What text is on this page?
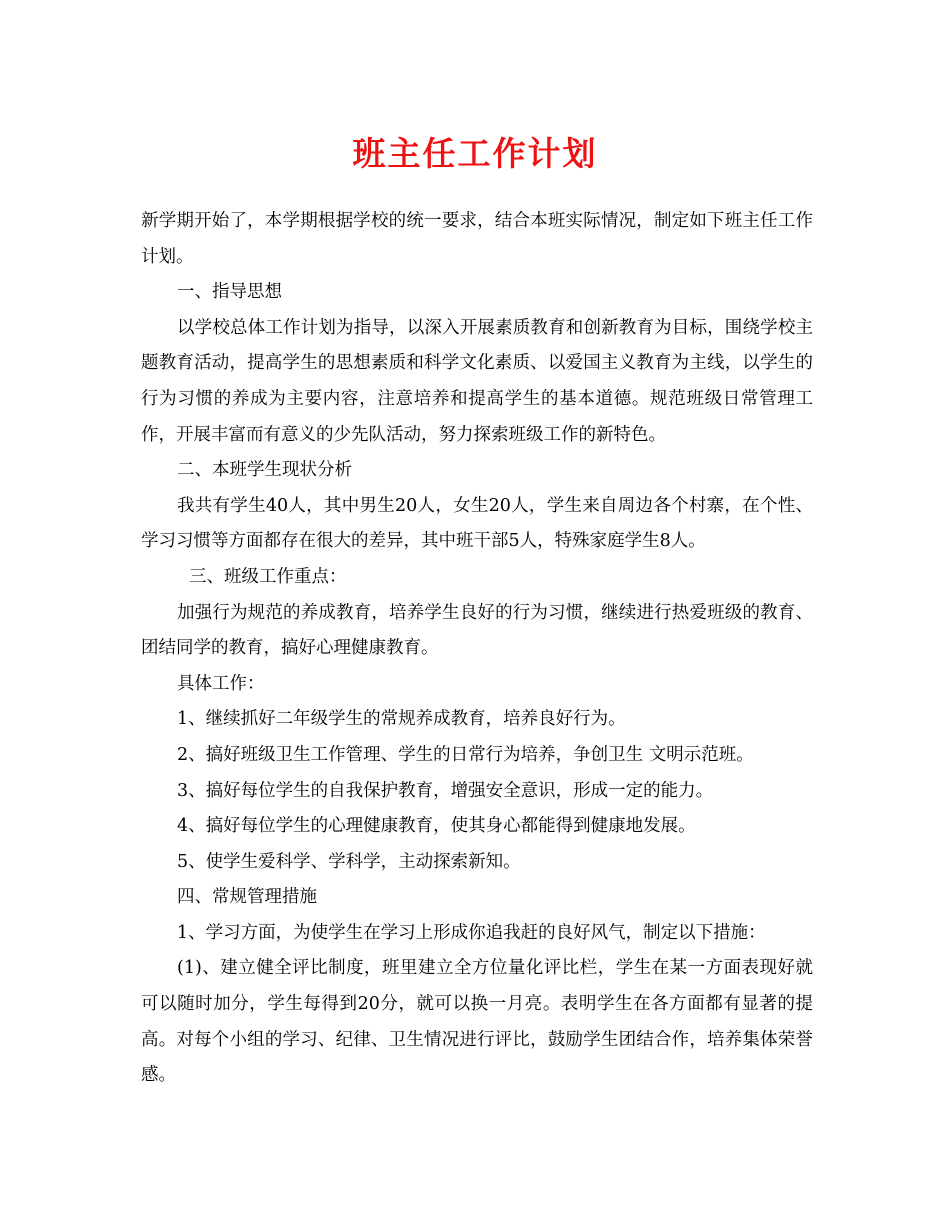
班主任工作计划

新学期开始了，本学期根据学校的统一要求，结合本班实际情况，制定如下班主任工作计划。

一、指导思想

以学校总体工作计划为指导，以深入开展素质教育和创新教育为目标，围绕学校主题教育活动，提高学生的思想素质和科学文化素质、以爱国主义教育为主线，以学生的行为习惯的养成为主要内容，注意培养和提高学生的基本道德。规范班级日常管理工作，开展丰富而有意义的少先队活动，努力探索班级工作的新特色。

二、本班学生现状分析

我共有学生40人，其中男生20人，女生20人，学生来自周边各个村寨，在个性、学习习惯等方面都存在很大的差异，其中班干部5人，特殊家庭学生8人。

三、班级工作重点：

加强行为规范的养成教育，培养学生良好的行为习惯，继续进行热爱班级的教育、团结同学的教育，搞好心理健康教育。

具体工作：

1、继续抓好二年级学生的常规养成教育，培养良好行为。

2、搞好班级卫生工作管理、学生的日常行为培养，争创卫生 文明示范班。

3、搞好每位学生的自我保护教育，增强安全意识，形成一定的能力。

4、搞好每位学生的心理健康教育，使其身心都能得到健康地发展。

5、使学生爱科学、学科学，主动探索新知。

四、常规管理措施

1、学习方面，为使学生在学习上形成你追我赶的良好风气，制定以下措施：

(1)、建立健全评比制度，班里建立全方位量化评比栏，学生在某一方面表现好就可以随时加分，学生每得到20分，就可以换一月亮。表明学生在各方面都有显著的提高。对每个小组的学习、纪律、卫生情况进行评比，鼓励学生团结合作，培养集体荣誉感。
